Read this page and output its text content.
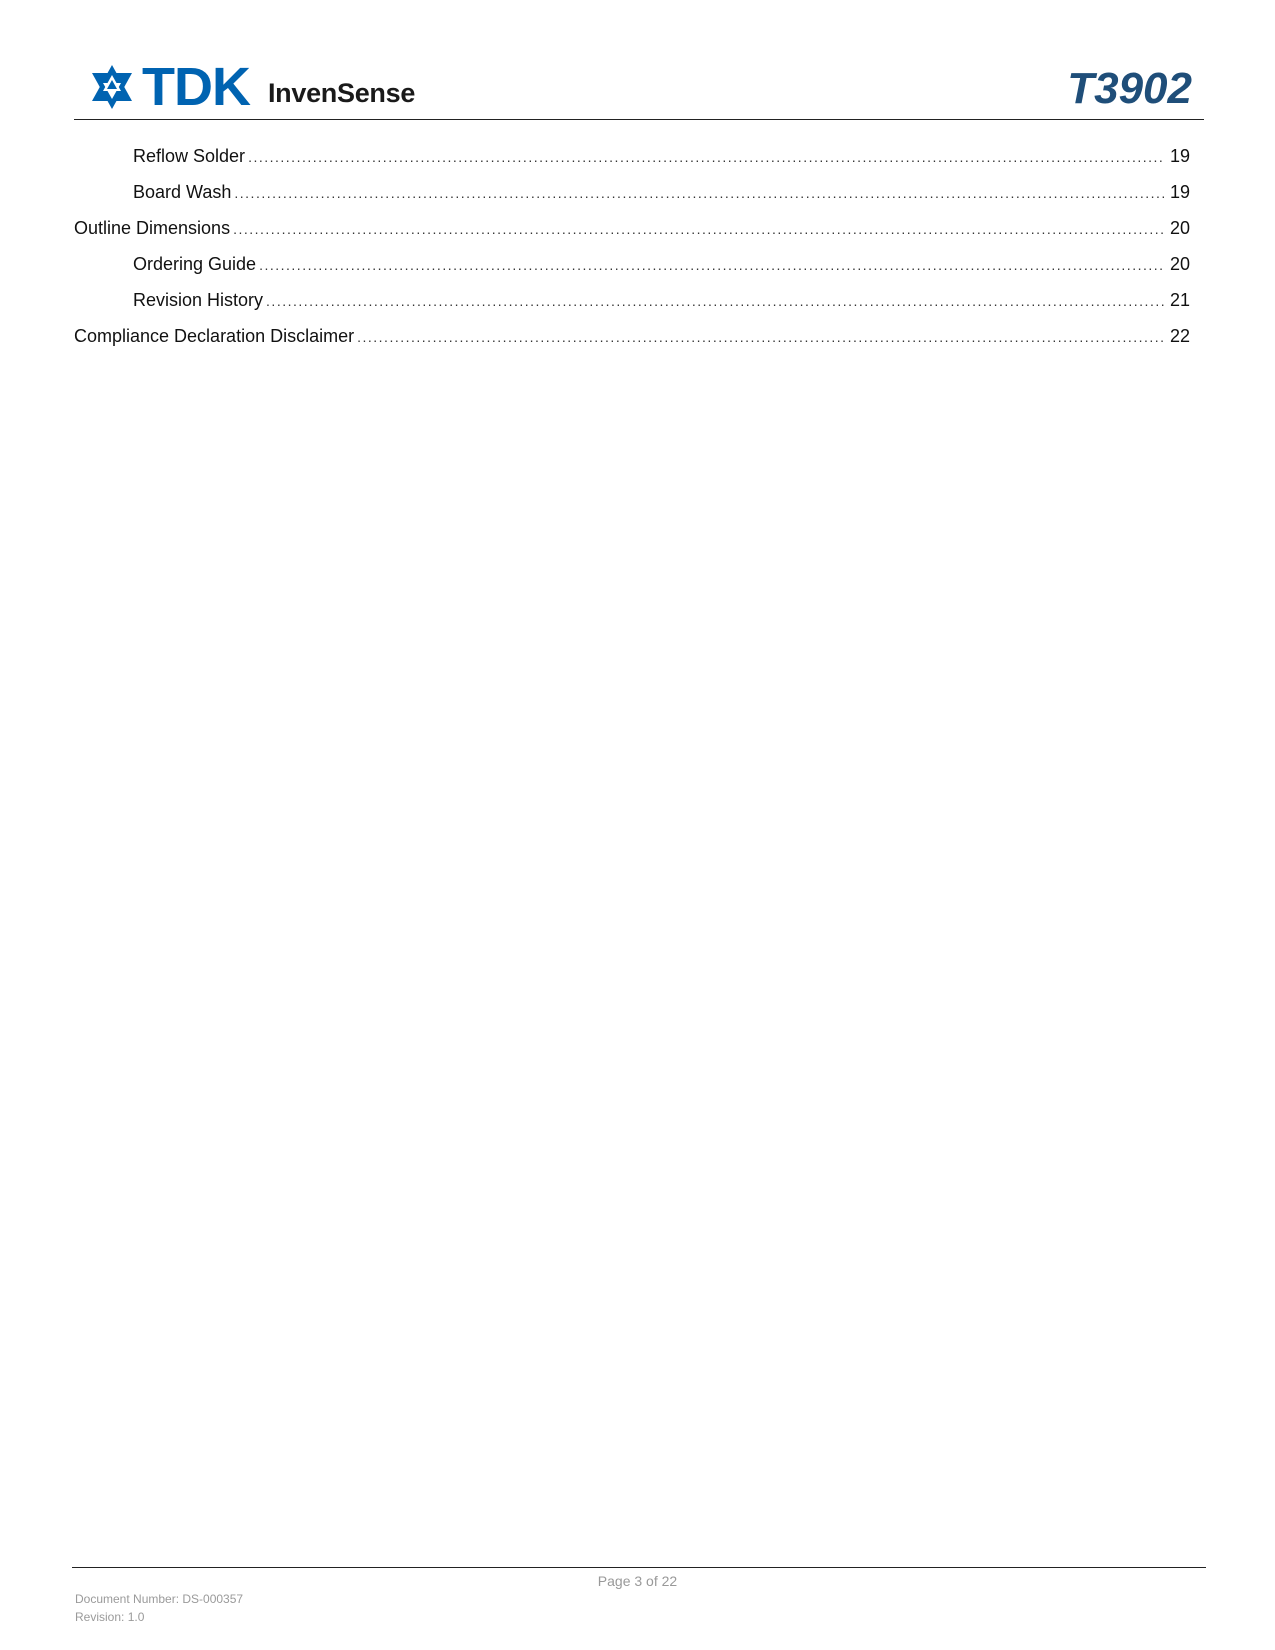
TDK InvenSense	T3902
Reflow Solder .....	19
Board Wash .....	19
Outline Dimensions .....	20
Ordering Guide .....	20
Revision History .....	21
Compliance Declaration Disclaimer .....	22
Page 3 of 22
Document Number: DS-000357
Revision: 1.0
